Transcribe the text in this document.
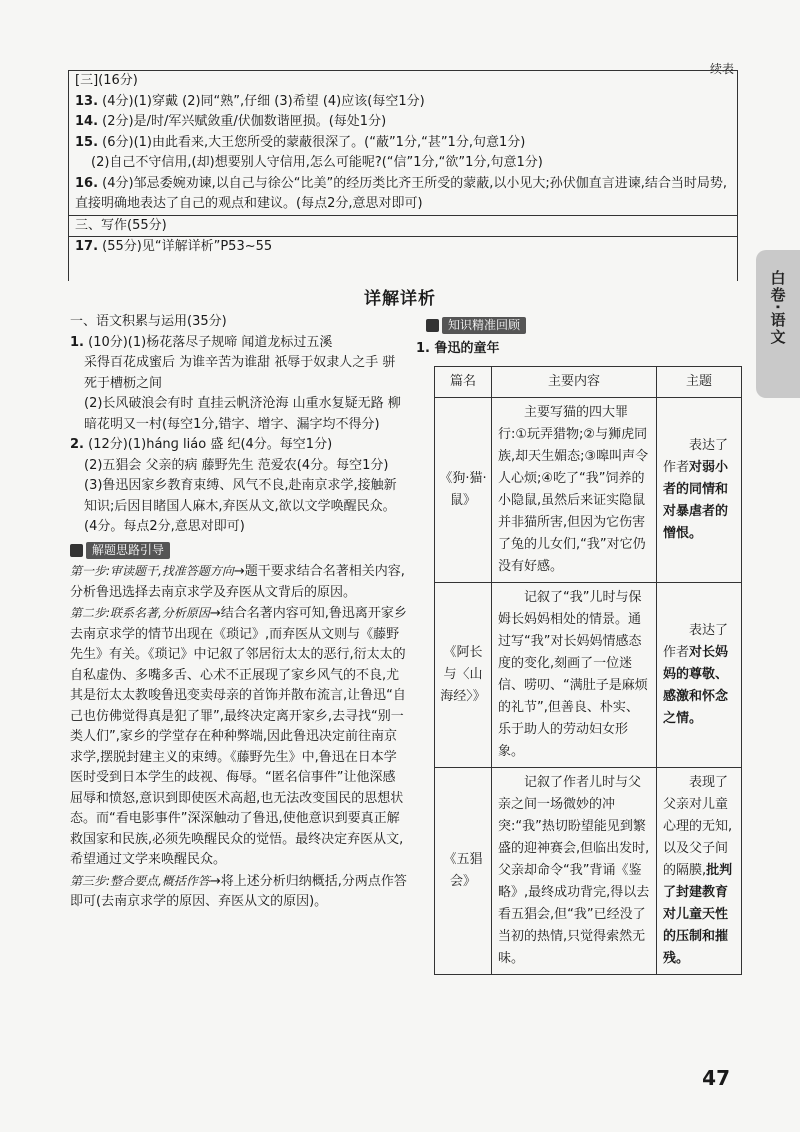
续表
[三](16分)
13. (4分)(1)穿戴 (2)同“熟”,仔细 (3)希望 (4)应该(每空1分)
14. (2分)是/时/军兴赋敛重/伏伽数谐匣损。(每处1分)
15. (6分)(1)由此看来,大王您所受的蒙蔽很深了。(“蔽”1分,“甚”1分,句意1分)
(2)自己不守信用,(却)想要别人守信用,怎么可能呢?(“信”1分,“欲”1分,句意1分)
16. (4分)邹忌委婉劝谏,以自己与徐公“比美”的经历类比齐王所受的蒙蔽,以小见大;孙伏伽直言进谏,结合当时局势,直接明确地表达了自己的观点和建议。(每点2分,意思对即可)
三、写作(55分)
17. (55分)见“详解详析”P53~55
白卷·语文
详解详析

一、语文积累与运用(35分)

1. (10分)(1)杨花落尽子规啼 闻道龙标过五溪

采得百花成蜜后 为谁辛苦为谁甜 祇辱于奴隶人之手 骈死于槽枥之间

(2)长风破浪会有时 直挂云帆济沧海 山重水复疑无路 柳暗花明又一村(每空1分,错字、增字、漏字均不得分)

2. (12分)(1)hánɡ liáo 盛 纪(4分。每空1分)

(2)五猖会 父亲的病 藤野先生 范爱农(4分。每空1分)

(3)鲁迅因家乡教育束缚、风气不良,赴南京求学,接触新知识;后因目睹国人麻木,弃医从文,欲以文学唤醒民众。(4分。每点2分,意思对即可)

解题思路引导

第一步:审读题干,找准答题方向→题干要求结合名著相关内容,分析鲁迅选择去南京求学及弃医从文背后的原因。

第二步:联系名著,分析原因→结合名著内容可知,鲁迅离开家乡去南京求学的情节出现在《琐记》,而弃医从文则与《藤野先生》有关。《琐记》中记叙了邻居衍太太的恶行,衍太太的自私虚伪、多嘴多舌、心术不正展现了家乡风气的不良,尤其是衍太太教唆鲁迅变卖母亲的首饰并散布流言,让鲁迅“自己也仿佛觉得真是犯了罪”,最终决定离开家乡,去寻找“别一类人们”,家乡的学堂存在种种弊端,因此鲁迅决定前往南京求学,摆脱封建主义的束缚。《藤野先生》中,鲁迅在日本学医时受到日本学生的歧视、侮辱。“匿名信事件”让他深感屈辱和愤怒,意识到即使医术高超,也无法改变国民的思想状态。而“看电影事件”深深触动了鲁迅,使他意识到要真正解救国家和民族,必须先唤醒民众的觉悟。最终决定弃医从文,希望通过文学来唤醒民众。

第三步:整合要点,概括作答→将上述分析归纳概括,分两点作答即可(去南京求学的原因、弃医从文的原因)。

知识精准回顾
1. 鲁迅的童年
篇名	主要内容	主题
《狗·猫·鼠》	主要写猫的四大罪行:①玩弄猎物;②与狮虎同族,却天生媚态;③嗥叫声令人心烦;④吃了“我”饲养的小隐鼠,虽然后来证实隐鼠并非猫所害,但因为它伤害了兔的儿女们,“我”对它仍没有好感。	表达了作者对弱小者的同情和对暴虐者的憎恨。
《阿长与〈山海经〉》	记叙了“我”儿时与保姆长妈妈相处的情景。通过写“我”对长妈妈情感态度的变化,刻画了一位迷信、唠叨、“满肚子是麻烦的礼节”,但善良、朴实、乐于助人的劳动妇女形象。	表达了作者对长妈妈的尊敬、感激和怀念之情。
《五猖会》	记叙了作者儿时与父亲之间一场微妙的冲突:“我”热切盼望能见到繁盛的迎神赛会,但临出发时,父亲却命令“我”背诵《鉴略》,最终成功背完,得以去看五猖会,但“我”已经没了当初的热情,只觉得索然无味。	表现了父亲对儿童心理的无知,以及父子间的隔膜,批判了封建教育对儿童天性的压制和摧残。
47
